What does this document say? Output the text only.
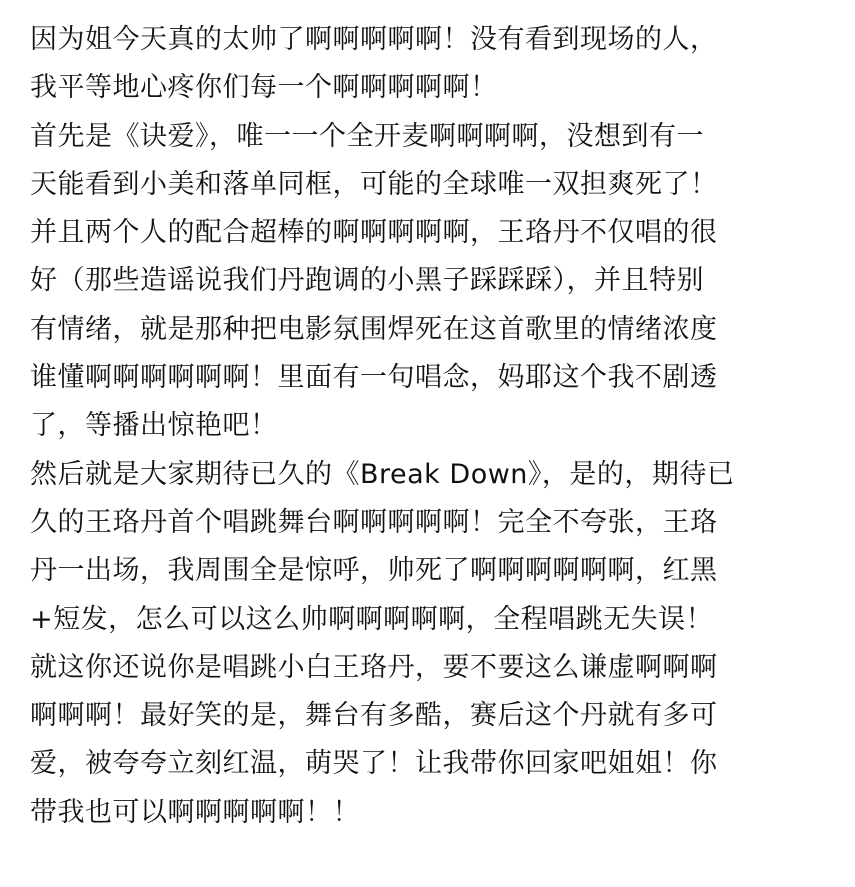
因为姐今天真的太帅了啊啊啊啊啊！没有看到现场的人，
我平等地心疼你们每一个啊啊啊啊啊！
首先是《诀爱》，唯一一个全开麦啊啊啊啊，没想到有一
天能看到小美和落单同框，可能的全球唯一双担爽死了！
并且两个人的配合超棒的啊啊啊啊啊，王珞丹不仅唱的很
好（那些造谣说我们丹跑调的小黑子踩踩踩），并且特别
有情绪，就是那种把电影氛围焊死在这首歌里的情绪浓度
谁懂啊啊啊啊啊啊！里面有一句唱念，妈耶这个我不剧透
了，等播出惊艳吧！
然后就是大家期待已久的《Break Down》，是的，期待已
久的王珞丹首个唱跳舞台啊啊啊啊啊！完全不夸张，王珞
丹一出场，我周围全是惊呼，帅死了啊啊啊啊啊啊，红黑
+短发，怎么可以这么帅啊啊啊啊啊，全程唱跳无失误！
就这你还说你是唱跳小白王珞丹，要不要这么谦虚啊啊啊
啊啊啊！最好笑的是，舞台有多酷，赛后这个丹就有多可
爱，被夸夸立刻红温，萌哭了！让我带你回家吧姐姐！你
带我也可以啊啊啊啊啊！！
